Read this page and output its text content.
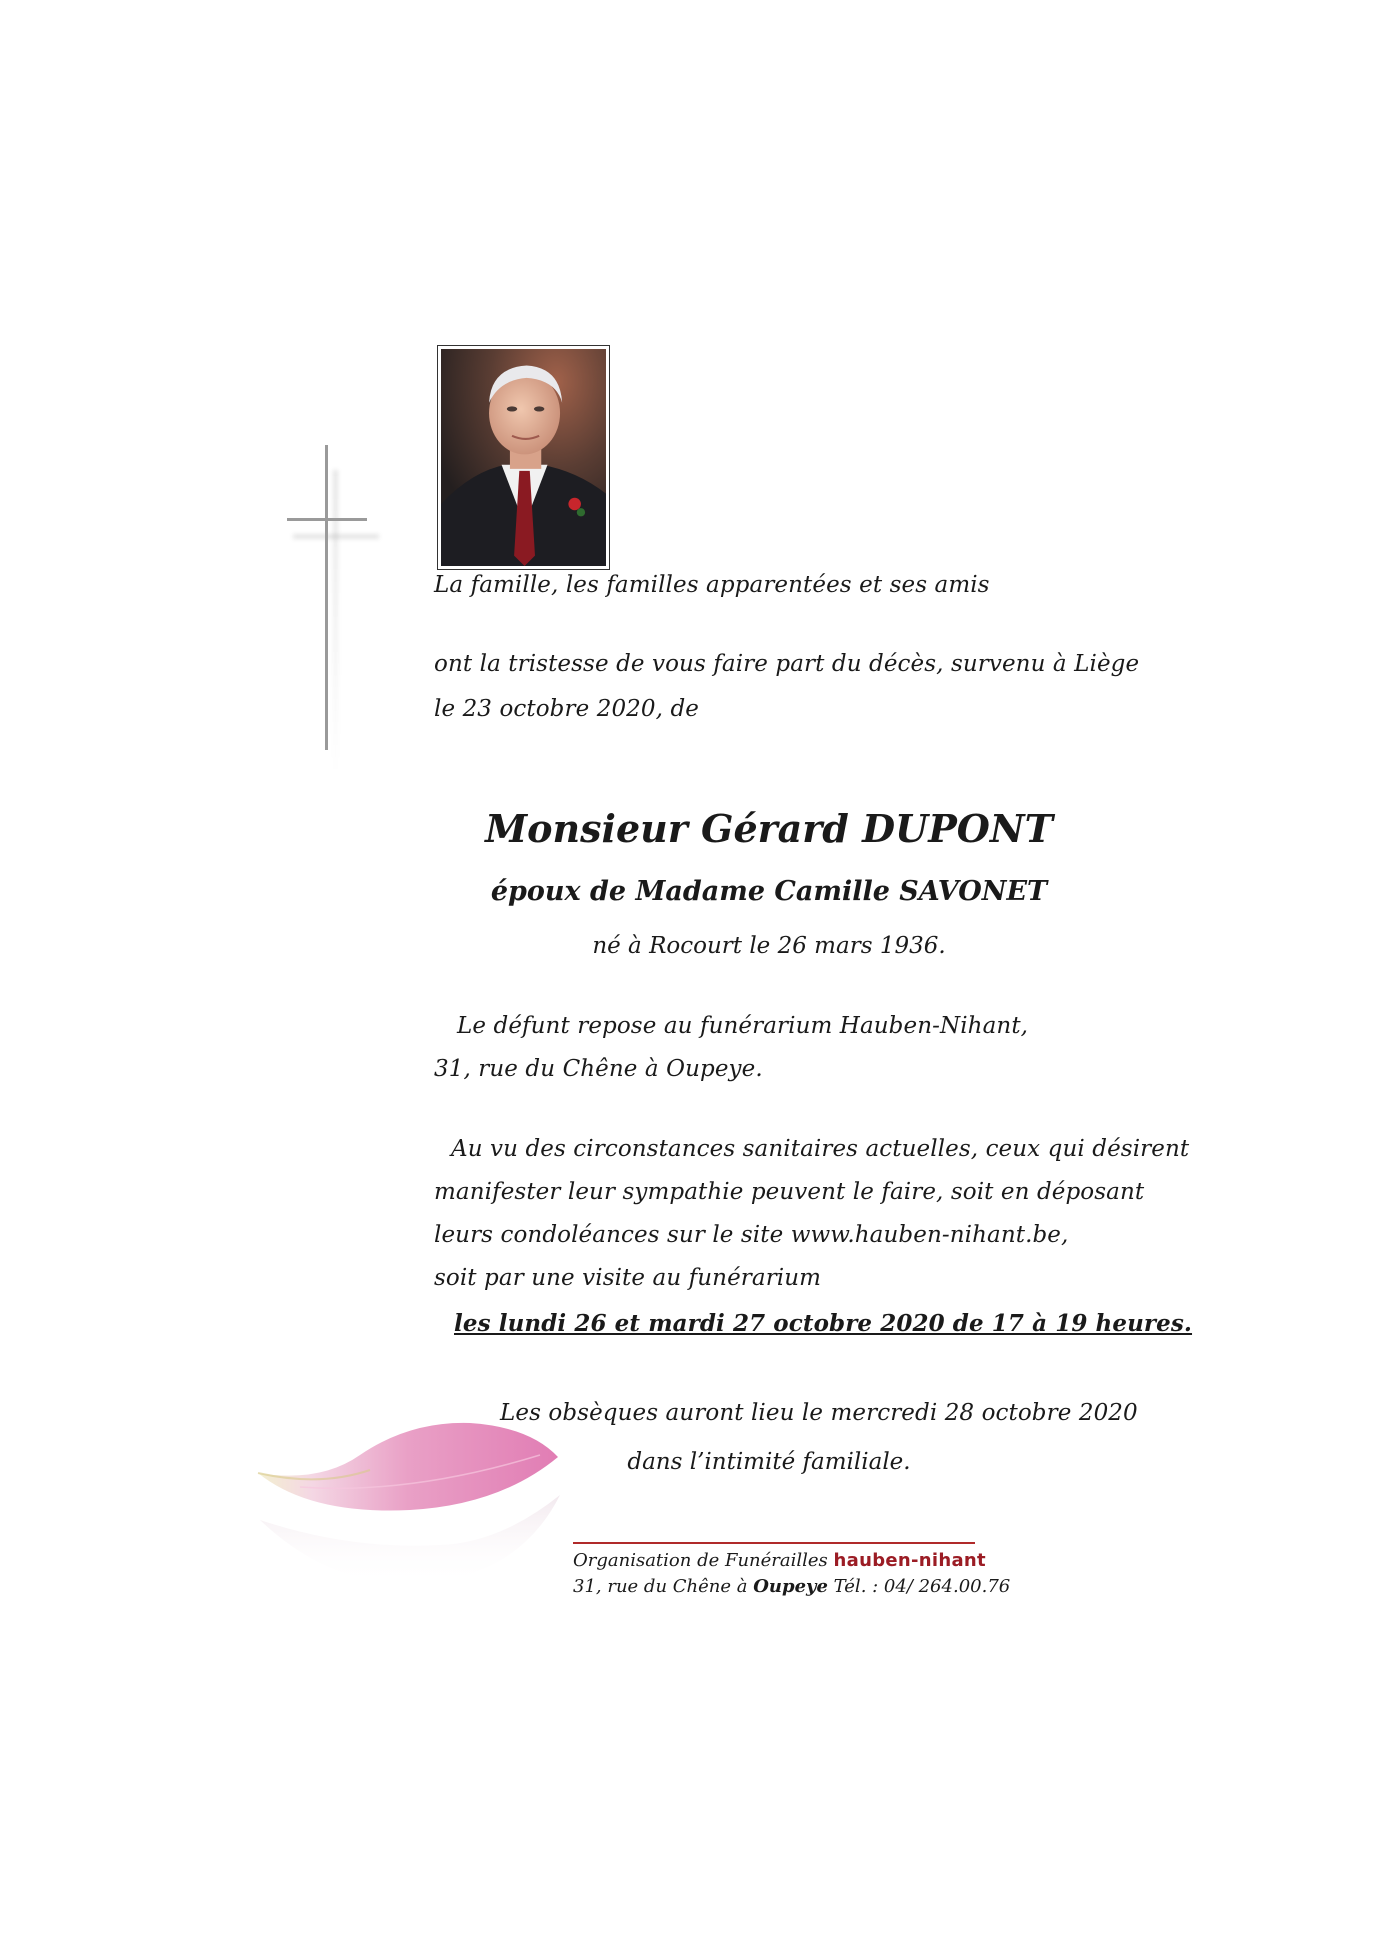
La famille, les familles apparentées et ses amis
ont la tristesse de vous faire part du décès, survenu à Liège
le 23 octobre 2020, de
Monsieur Gérard DUPONT
époux de Madame Camille SAVONET
né à Rocourt le 26 mars 1936.
Le défunt repose au funérarium Hauben-Nihant,
31, rue du Chêne à Oupeye.
Au vu des circonstances sanitaires actuelles, ceux qui désirent
manifester leur sympathie peuvent le faire, soit en déposant
leurs condoléances sur le site www.hauben-nihant.be,
soit par une visite au funérarium
les lundi 26 et mardi 27 octobre 2020 de 17 à 19 heures.
Les obsèques auront lieu le mercredi 28 octobre 2020
dans l’intimité familiale.
Organisation de Funérailles hauben-nihant
31, rue du Chêne à Oupeye Tél. : 04/ 264.00.76
